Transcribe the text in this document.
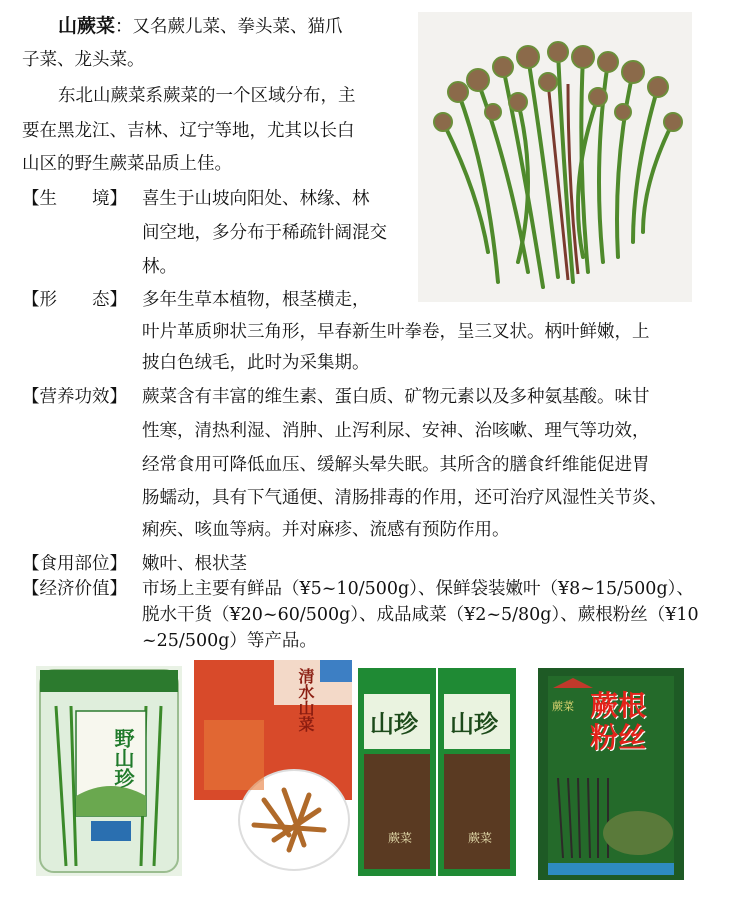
山蕨菜：又名蕨儿菜、拳头菜、猫爪
子菜、龙头菜。
东北山蕨菜系蕨菜的一个区域分布，主
要在黑龙江、吉林、辽宁等地，尤其以长白
山区的野生蕨菜品质上佳。
【生　　境】 喜生于山坡向阳处、林缘、林
间空地，多分布于稀疏针阔混交
林。
【形　　态】 多年生草本植物，根茎横走，
叶片革质卵状三角形，早春新生叶拳卷，呈三叉状。柄叶鲜嫩，上
披白色绒毛，此时为采集期。
【营养功效】 蕨菜含有丰富的维生素、蛋白质、矿物元素以及多种氨基酸。味甘
性寒，清热利湿、消肿、止泻利尿、安神、治咳嗽、理气等功效，
经常食用可降低血压、缓解头晕失眠。其所含的膳食纤维能促进胃
肠蠕动，具有下气通便、清肠排毒的作用，还可治疗风湿性关节炎、
痢疾、咳血等病。并对麻疹、流感有预防作用。
【食用部位】 嫩叶、根状茎
【经济价值】 市场上主要有鲜品（¥5~10/500g）、保鲜袋装嫩叶（¥8~15/500g）、
脱水干货（¥20~60/500g）、成品咸菜（¥2~5/80g）、蕨根粉丝（¥10
~25/500g）等产品。
野山珍
清水山菜 山珍 山珍
蕨菜	蕨菜
蕨根粉丝
蕨菜
